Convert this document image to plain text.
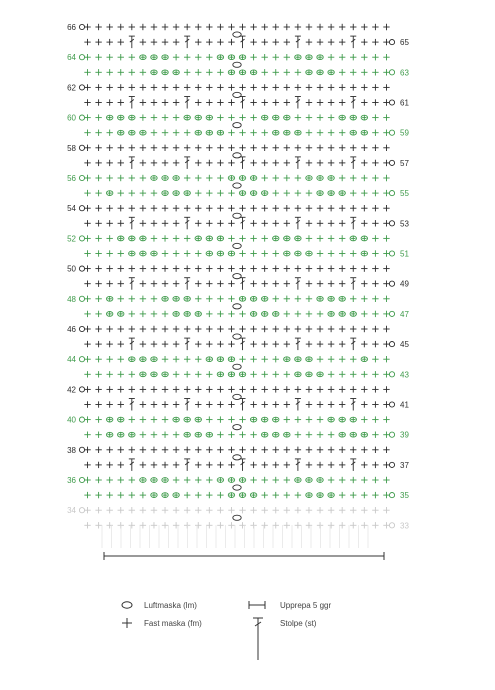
66
65
64
63
62
61
60
59
58
57
56
55
54
53
52
51
50
49
48
47
46
45
44
43
42
41
40
39
38
37
36
35
34
33
Luftmaska (lm)
Fast maska (fm)
Upprepa 5 ggr
Stolpe (st)
